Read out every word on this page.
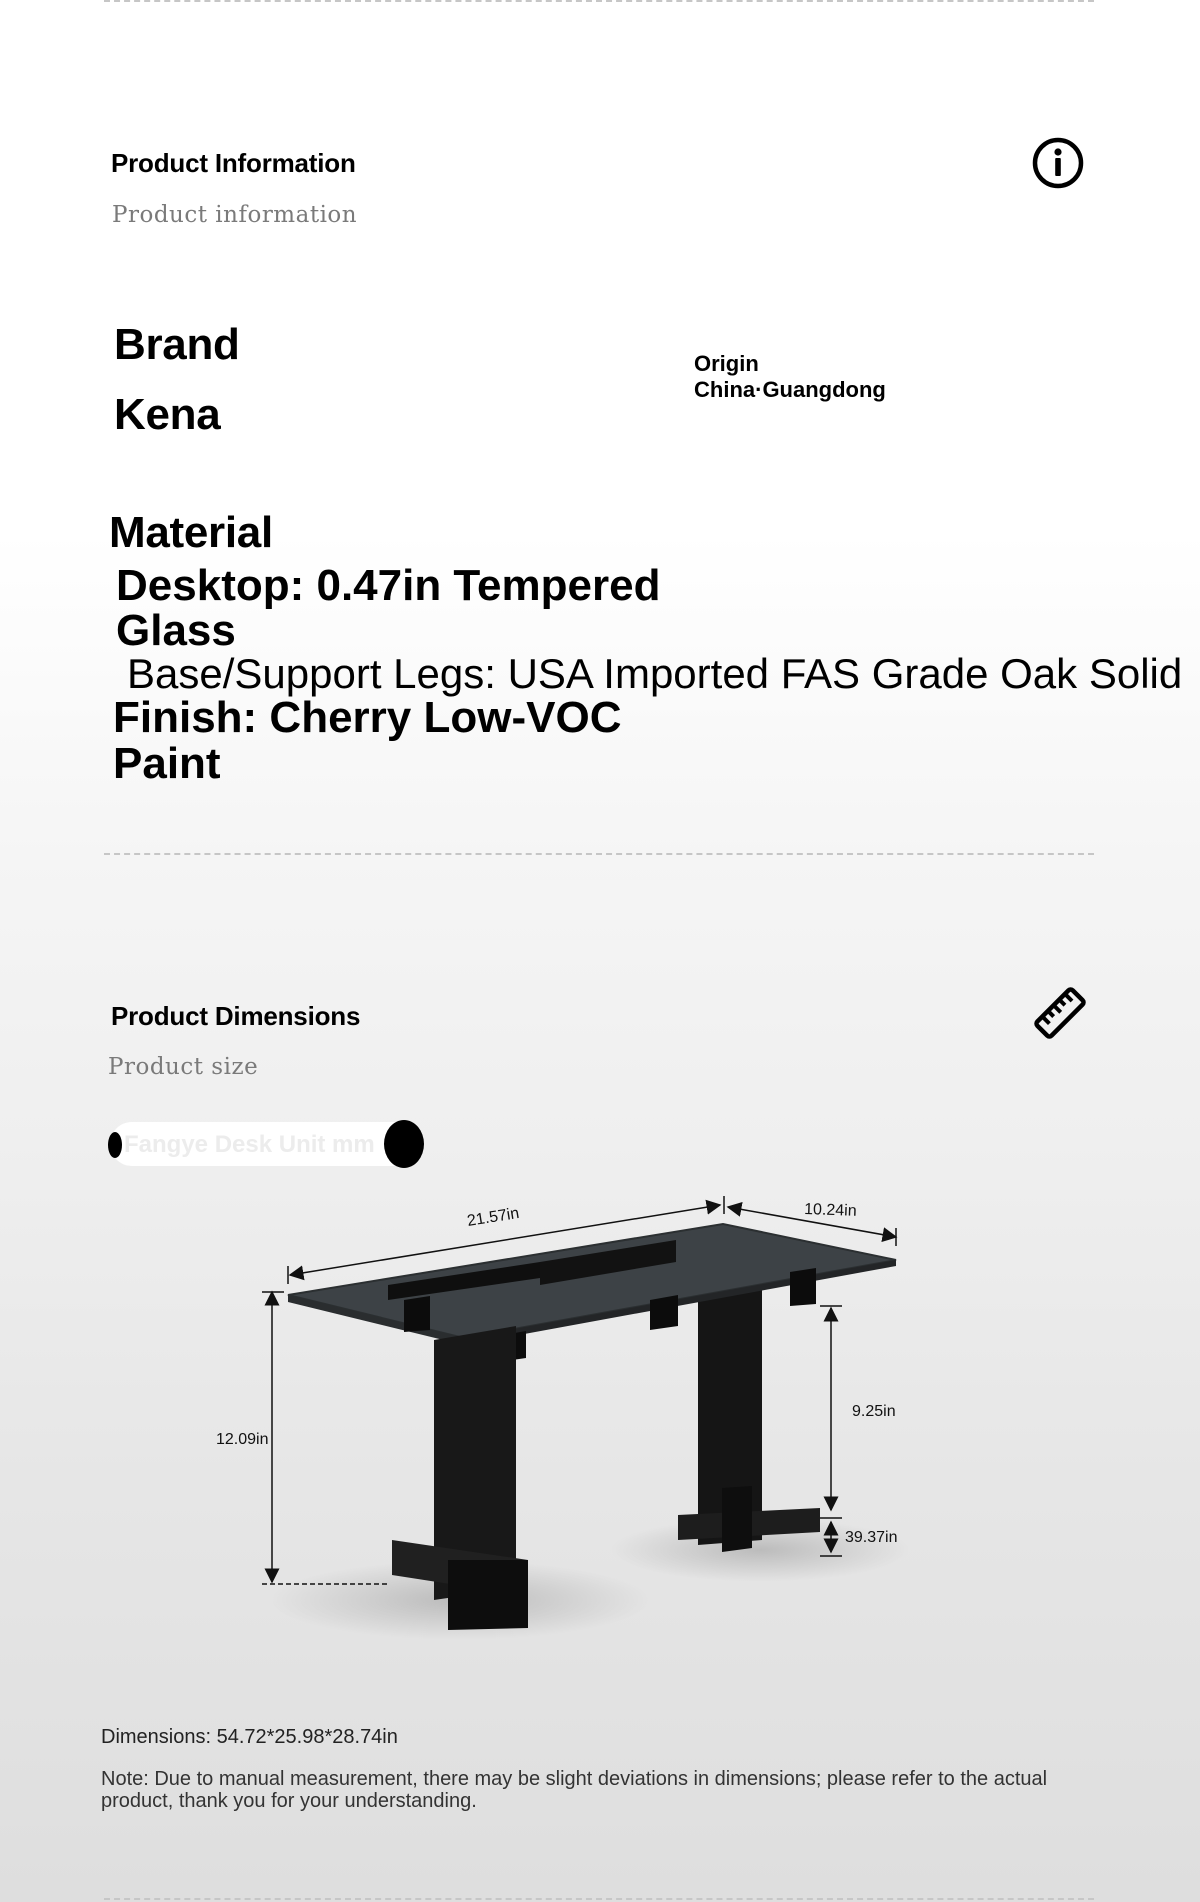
Product Information
Product information
Brand
Kena
Origin
China·Guangdong
Material
Desktop: 0.47in Tempered
Glass
Base/Support Legs: USA Imported FAS Grade Oak Solid
Finish: Cherry Low-VOC
Paint
Product Dimensions
Product size
Fangye Desk Unit mm
21.57in	10.24in
12.09in
9.25in
39.37in
Dimensions: 54.72*25.98*28.74in
Note: Due to manual measurement, there may be slight deviations in dimensions; please refer to the actual product, thank you for your understanding.
